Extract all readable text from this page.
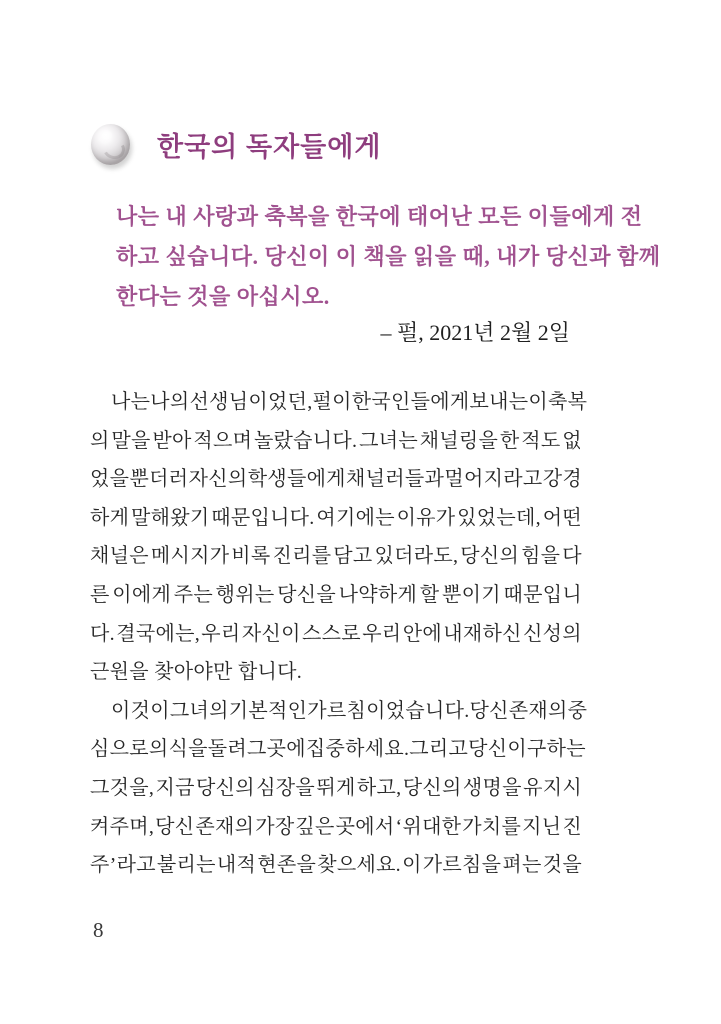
한국의 독자들에게
나는 내 사랑과 축복을 한국에 태어난 모든 이들에게 전
하고 싶습니다. 당신이 이 책을 읽을 때, 내가 당신과 함께
한다는 것을 아십시오.
– 펄, 2021년 2월 2일
나는 나의 선생님이었던, 펄이 한국인들에게 보내는 이 축복
의 말을 받아 적으며 놀랐습니다. 그녀는 채널링을 한 적도 없
었을 뿐더러 자신의 학생들에게 채널러들과 멀어지라고 강경
하게 말해왔기 때문입니다. 여기에는 이유가 있었는데, 어떤
채널은 메시지가 비록 진리를 담고 있더라도, 당신의 힘을 다
른 이에게 주는 행위는 당신을 나약하게 할 뿐이기 때문입니
다. 결국에는, 우리 자신이 스스로 우리 안에 내재하신 신성의
근원을 찾아야만 합니다.
이것이 그녀의 기본적인 가르침이었습니다. 당신 존재의 중
심으로 의식을 돌려 그곳에 집중하세요. 그리고 당신이 구하는
그것을, 지금 당신의 심장을 뛰게 하고, 당신의 생명을 유지시
켜주며, 당신 존재의 가장 깊은 곳에서 ‘위대한 가치를 지닌 진
주’라고 불리는 내적 현존을 찾으세요. 이 가르침을 펴는 것을
8
